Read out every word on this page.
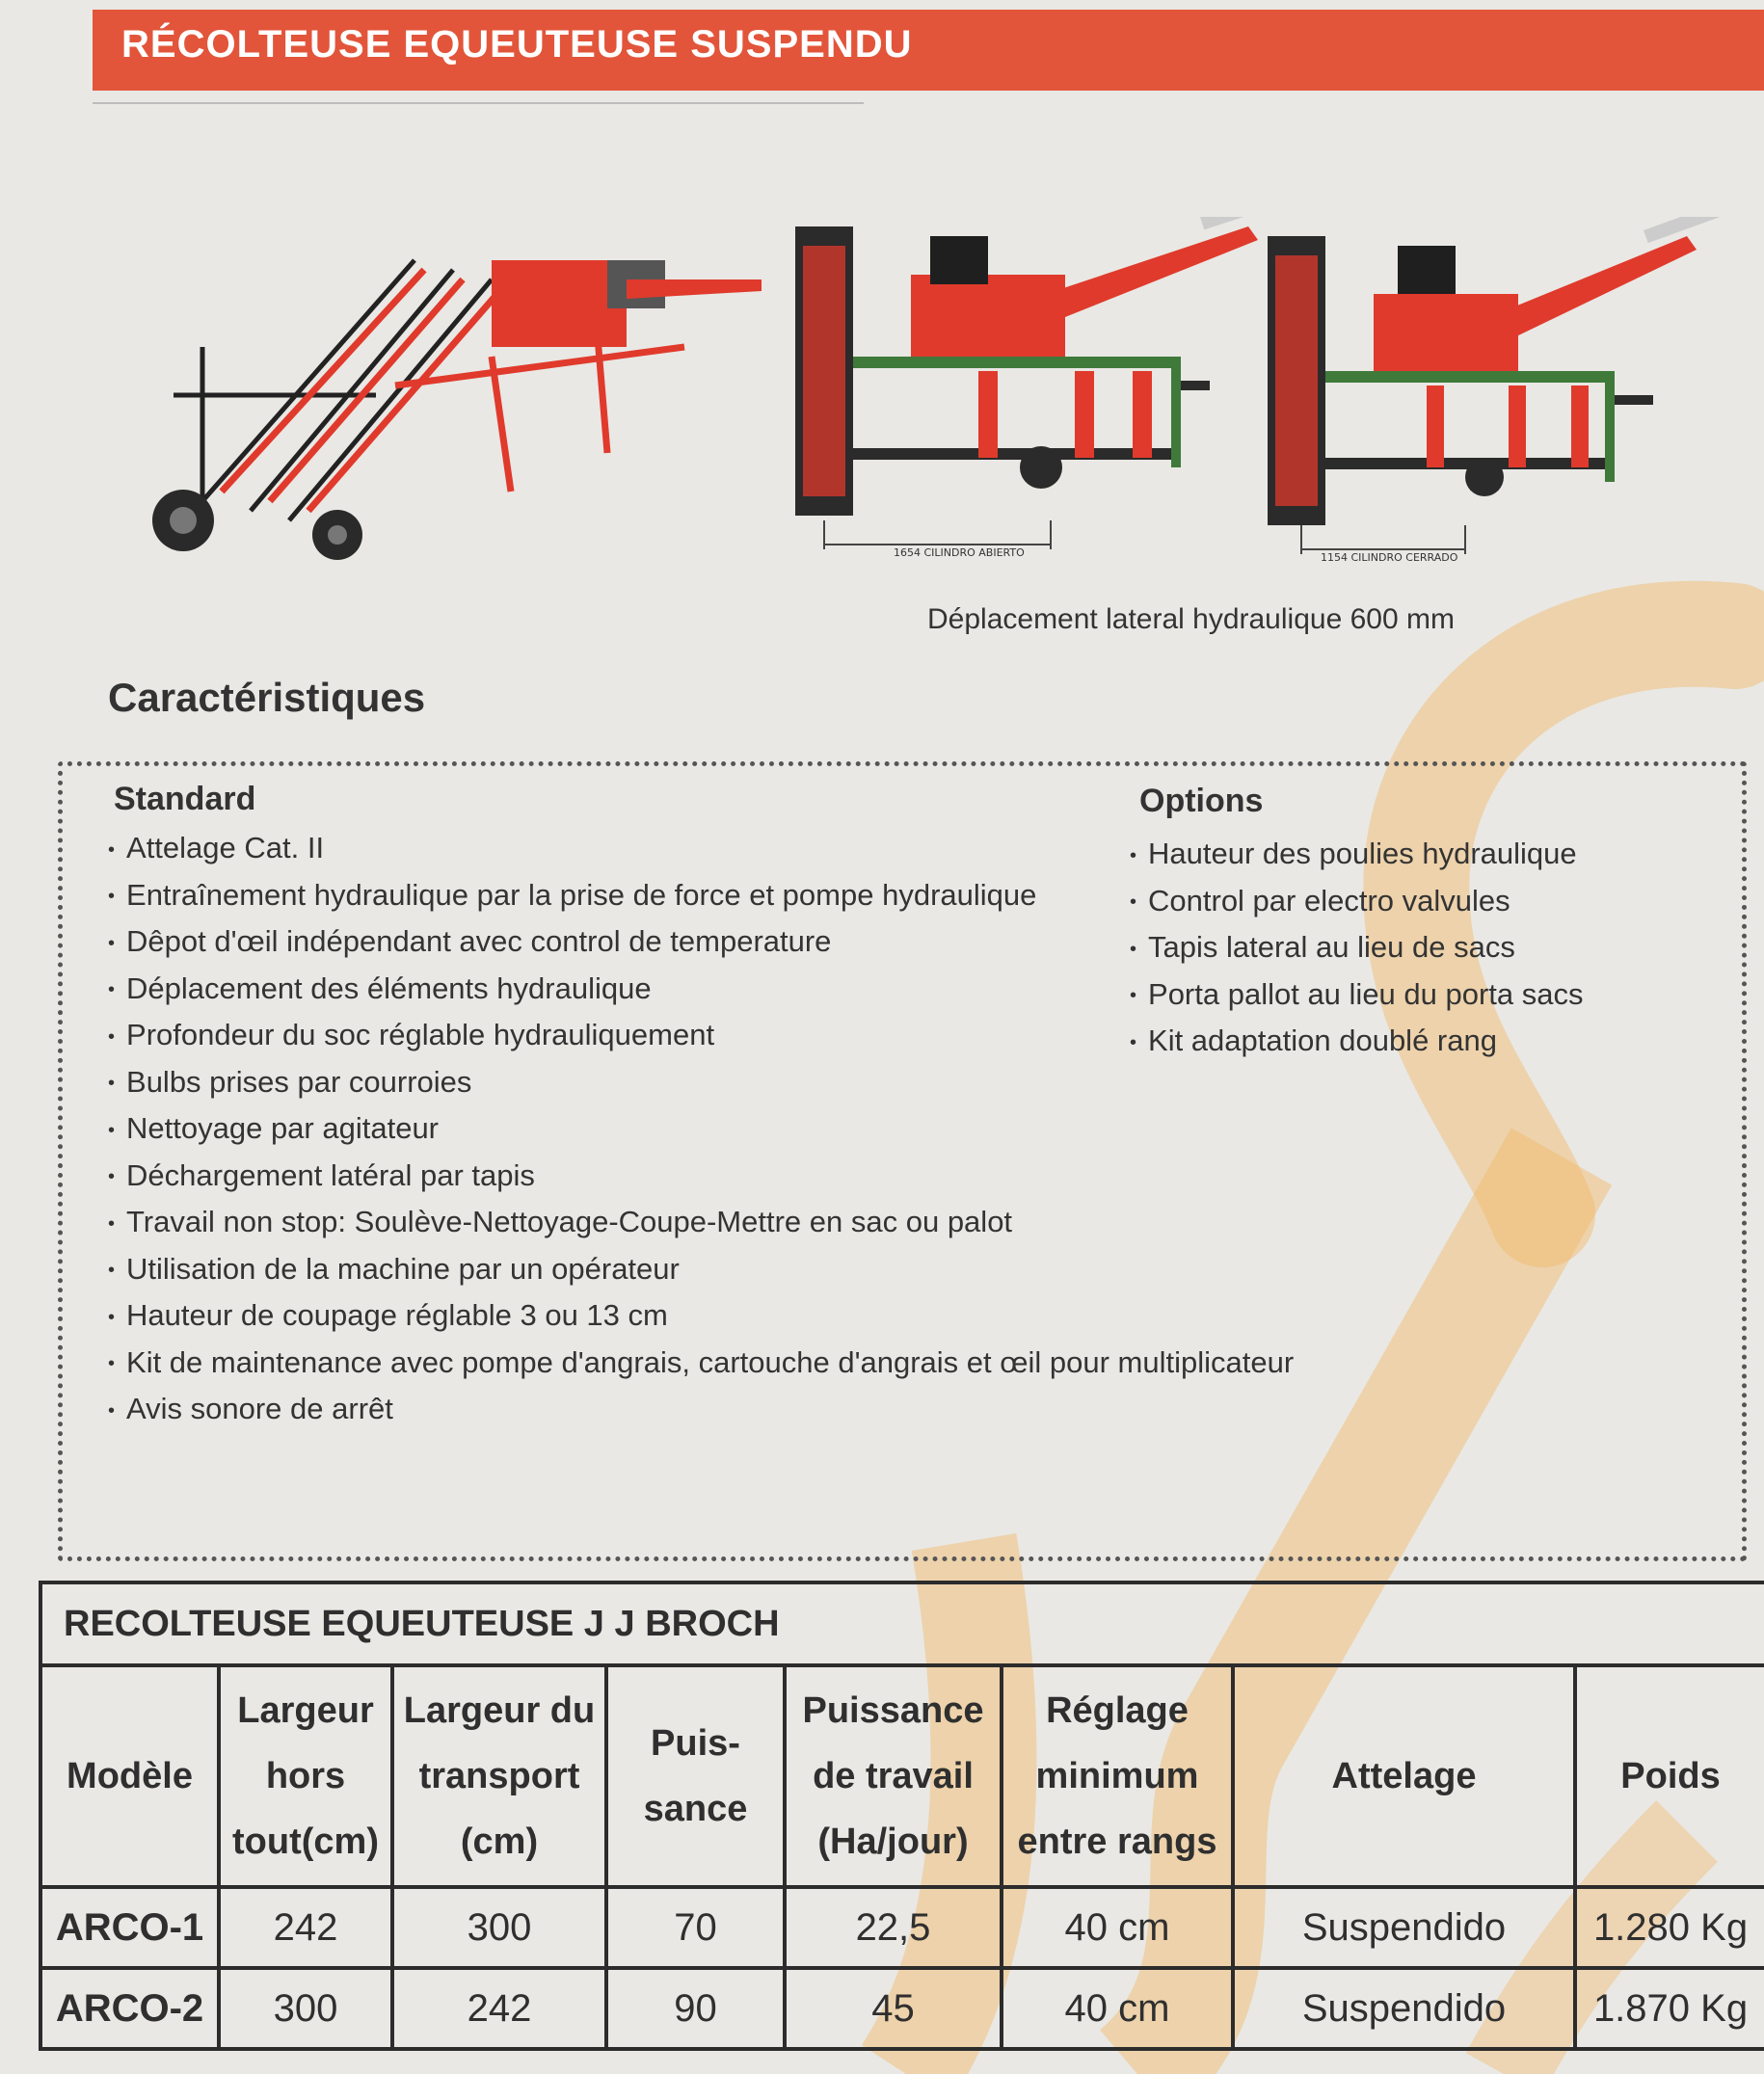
RÉCOLTEUSE EQUEUTEUSE SUSPENDU
1654 CILINDRO ABIERTO	1154 CILINDRO CERRADO
Déplacement lateral hydraulique 600 mm
Caractéristiques
Standard
• Attelage Cat. II
• Entraînement hydraulique par la prise de force et pompe hydraulique
• Dêpot d'œil indépendant avec control de temperature
• Déplacement des éléments hydraulique
• Profondeur du soc réglable hydrauliquement
• Bulbs prises par courroies
• Nettoyage par agitateur
• Déchargement latéral par tapis
• Travail non stop: Soulève-Nettoyage-Coupe-Mettre en sac ou palot
• Utilisation de la machine par un opérateur
• Hauteur de coupage réglable 3 ou 13 cm
• Kit de maintenance avec pompe d'angrais, cartouche d'angrais et œil pour multiplicateur
• Avis sonore de arrêt
Options
• Hauteur des poulies hydraulique
• Control par electro valvules
• Tapis lateral au lieu de sacs
• Porta pallot au lieu du porta sacs
• Kit adaptation doublé rang
RECOLTEUSE EQUEUTEUSE J J BROCH							
Modèle	Largeur hors tout(cm)	Largeur du transport (cm)	Puis- sance	Puissance de travail (Ha/jour)	Réglage minimum entre rangs	Attelage	Poids
ARCO-1	242	300	70	22,5	40 cm	Suspendido	1.280 Kg
ARCO-2	300	242	90	45	40 cm	Suspendido	1.870 Kg
